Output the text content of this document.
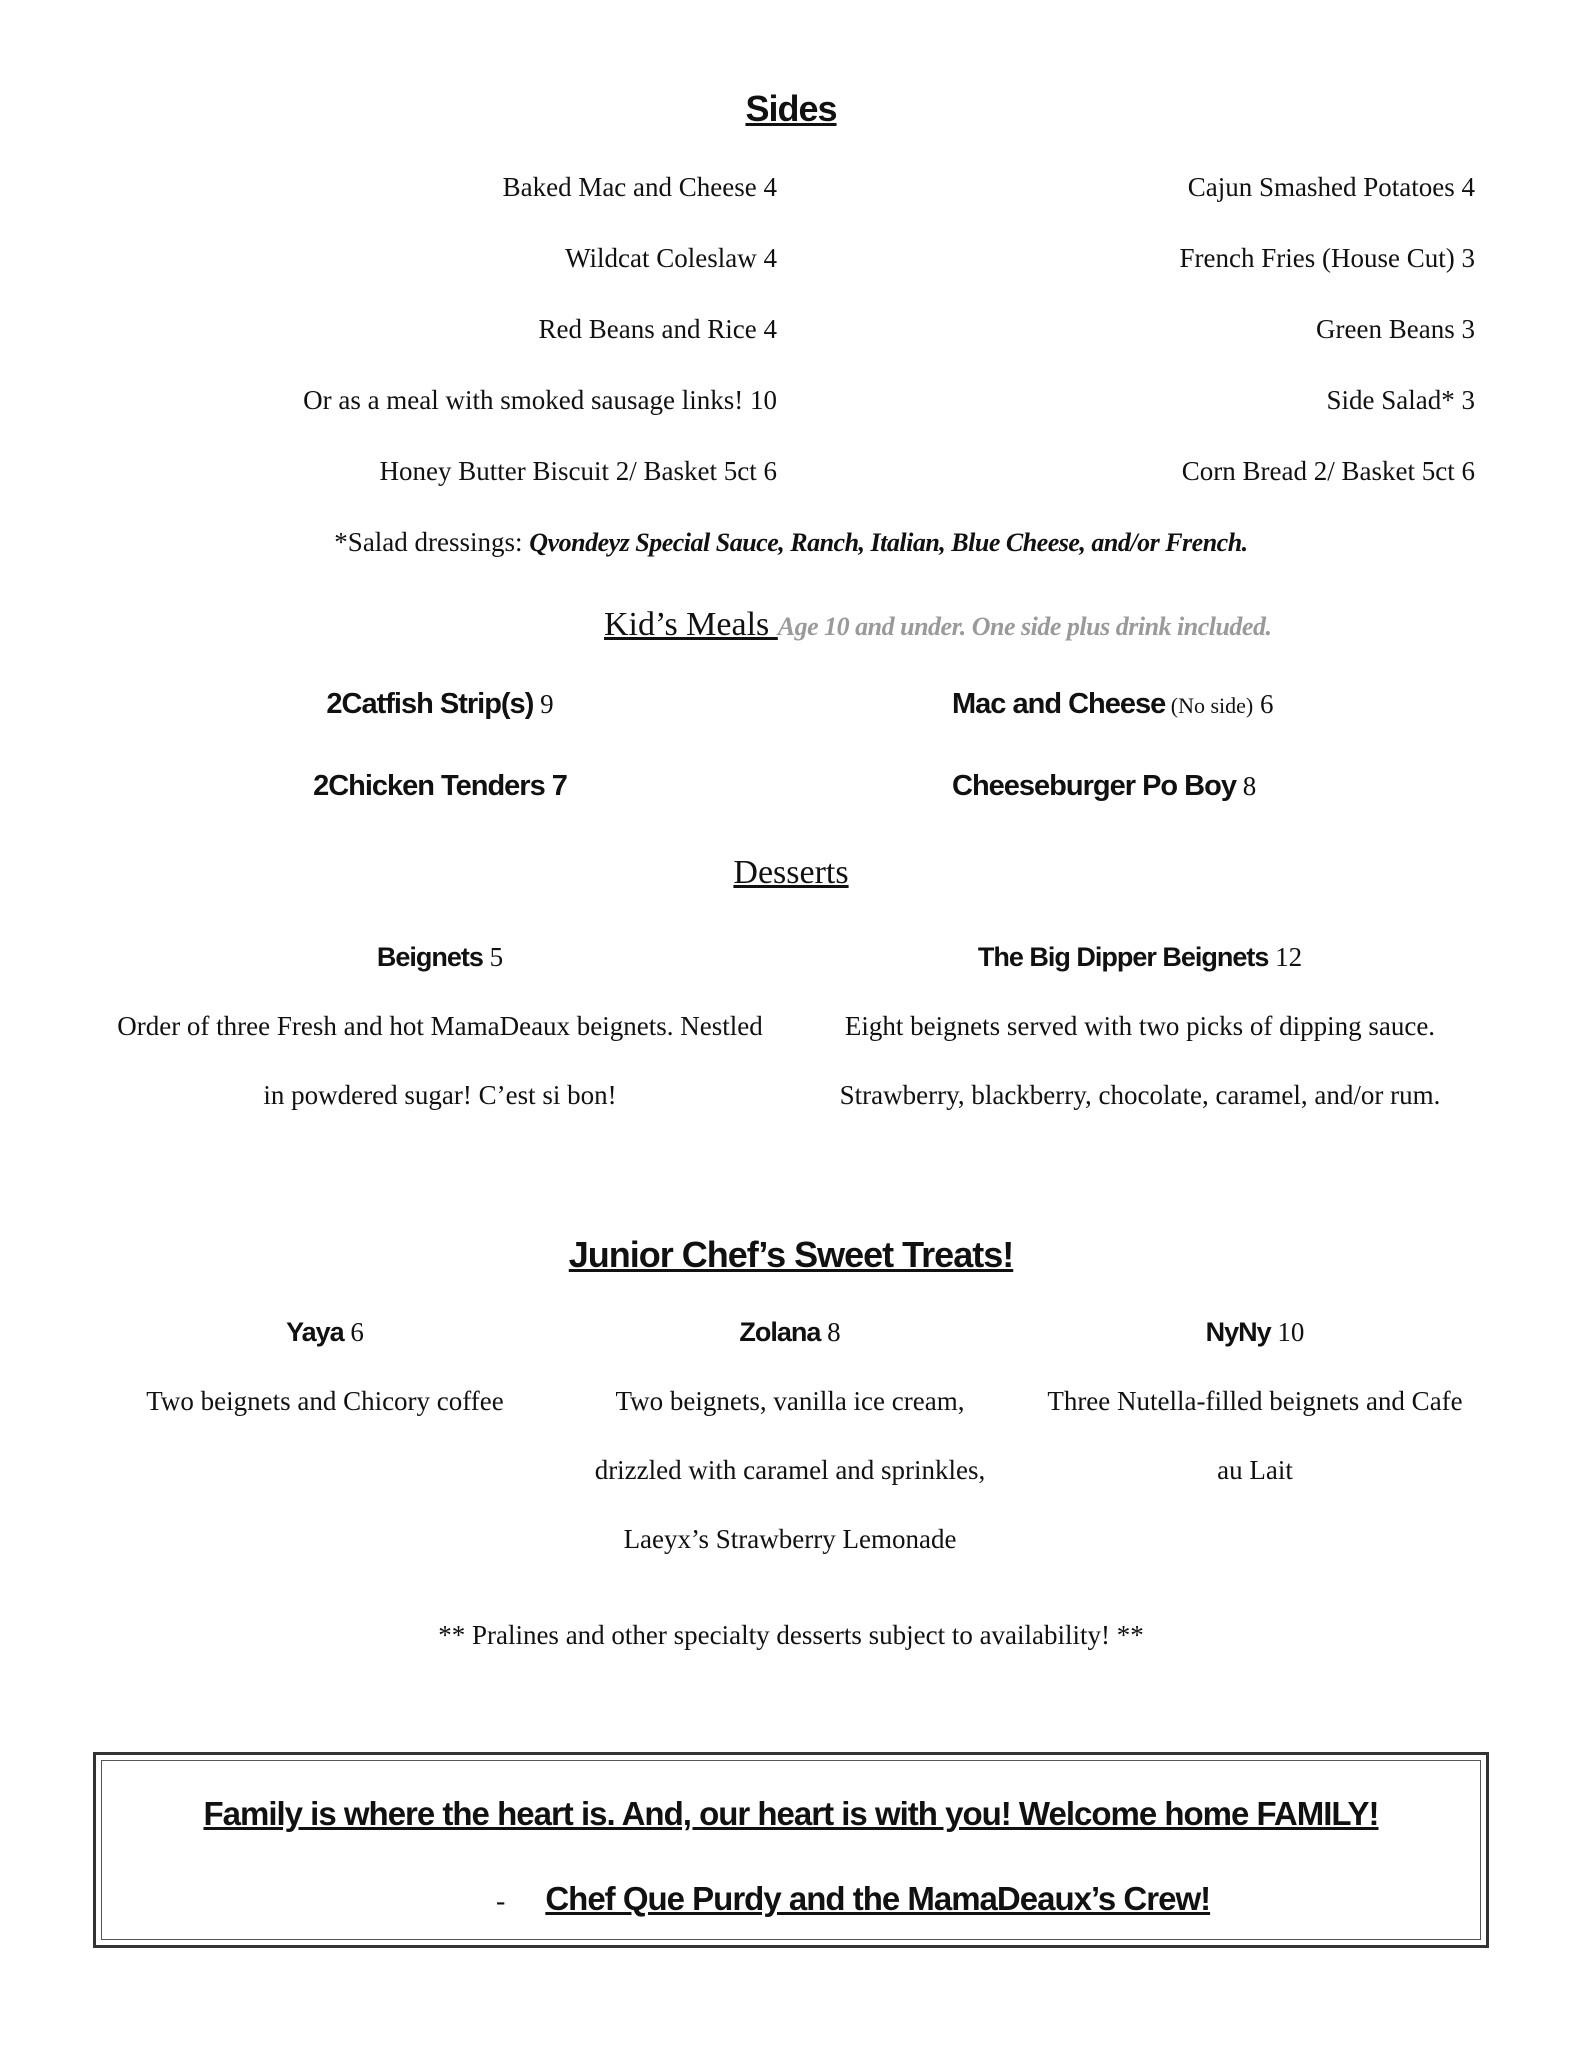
Sides
Baked Mac and Cheese 4
Wildcat Coleslaw 4
Red Beans and Rice 4
Or as a meal with smoked sausage links! 10
Honey Butter Biscuit 2/ Basket 5ct 6
Cajun Smashed Potatoes 4
French Fries (House Cut) 3
Green Beans 3
Side Salad* 3
Corn Bread 2/ Basket 5ct 6
*Salad dressings: Qvondeyz Special Sauce, Ranch, Italian, Blue Cheese, and/or French.
Kid’s Meals Age 10 and under. One side plus drink included.
2Catfish Strip(s) 9	Mac and Cheese (No side) 6
2Chicken Tenders 7	Cheeseburger Po Boy 8
Desserts
Beignets 5
Order of three Fresh and hot MamaDeaux beignets. Nestled
in powdered sugar! C’est si bon!
The Big Dipper Beignets 12
Eight beignets served with two picks of dipping sauce.
Strawberry, blackberry, chocolate, caramel, and/or rum.
Junior Chef’s Sweet Treats!
Yaya 6
Two beignets and Chicory coffee
Zolana 8
Two beignets, vanilla ice cream,
drizzled with caramel and sprinkles,
Laeyx’s Strawberry Lemonade
NyNy 10
Three Nutella-filled beignets and Cafe
au Lait
** Pralines and other specialty desserts subject to availability! **
Family is where the heart is. And, our heart is with you! Welcome home FAMILY!
- Chef Que Purdy and the MamaDeaux’s Crew!
